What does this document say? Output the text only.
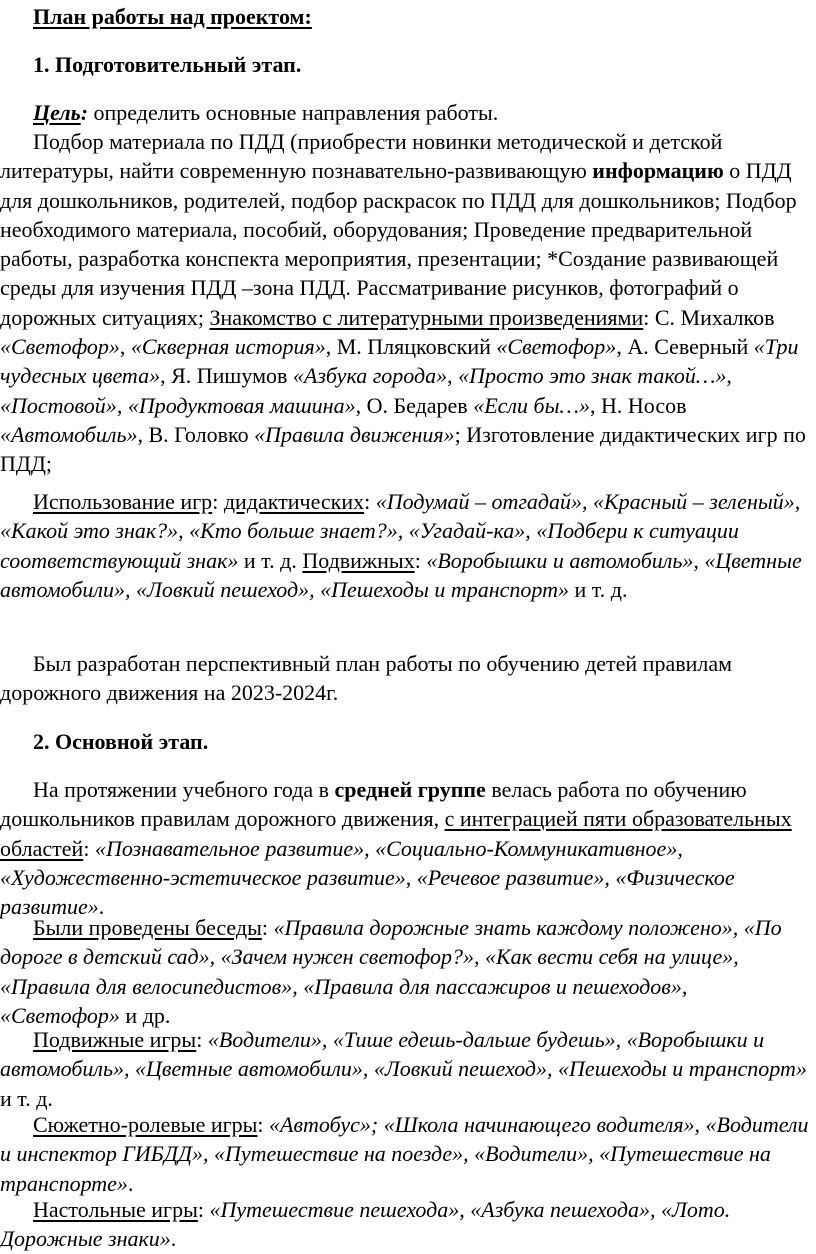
План работы над проектом:

1. Подготовительный этап.

Цель: определить основные направления работы.

Подбор материала по ПДД (приобрести новинки методической и детской литературы, найти современную познавательно-развивающую информацию о ПДД для дошкольников, родителей, подбор раскрасок по ПДД для дошкольников; Подбор необходимого материала, пособий, оборудования; Проведение предварительной работы, разработка конспекта мероприятия, презентации; *Создание развивающей среды для изучения ПДД –зона ПДД. Рассматривание рисунков, фотографий о дорожных ситуациях; Знакомство с литературными произведениями: С. Михалков «Светофор», «Скверная история», М. Пляцковский «Светофор», А. Северный «Три чудесных цвета», Я. Пишумов «Азбука города», «Просто это знак такой…», «Постовой», «Продуктовая машина», О. Бедарев «Если бы…», Н. Носов «Автомобиль», В. Головко «Правила движения»; Изготовление дидактических игр по ПДД;

Использование игр: дидактических: «Подумай – отгадай», «Красный – зеленый», «Какой это знак?», «Кто больше знает?», «Угадай-ка», «Подбери к ситуации соответствующий знак» и т. д. Подвижных: «Воробышки и автомобиль», «Цветные автомобили», «Ловкий пешеход», «Пешеходы и транспорт» и т. д.

Был разработан перспективный план работы по обучению детей правилам дорожного движения на 2023-2024г.

2. Основной этап.

На протяжении учебного года в средней группе велась работа по обучению дошкольников правилам дорожного движения, с интеграцией пяти образовательных областей: «Познавательное развитие», «Социально-Коммуникативное», «Художественно-эстетическое развитие», «Речевое развитие», «Физическое развитие».

Были проведены беседы: «Правила дорожные знать каждому положено», «По дороге в детский сад», «Зачем нужен светофор?», «Как вести себя на улице», «Правила для велосипедистов», «Правила для пассажиров и пешеходов», «Светофор» и др.

Подвижные игры: «Водители», «Тише едешь-дальше будешь», «Воробышки и автомобиль», «Цветные автомобили», «Ловкий пешеход», «Пешеходы и транспорт» и т. д.

Сюжетно-ролевые игры: «Автобус»; «Школа начинающего водителя», «Водители и инспектор ГИБДД», «Путешествие на поезде», «Водители», «Путешествие на транспорте».

Настольные игры: «Путешествие пешехода», «Азбука пешехода», «Лото. Дорожные знаки».
